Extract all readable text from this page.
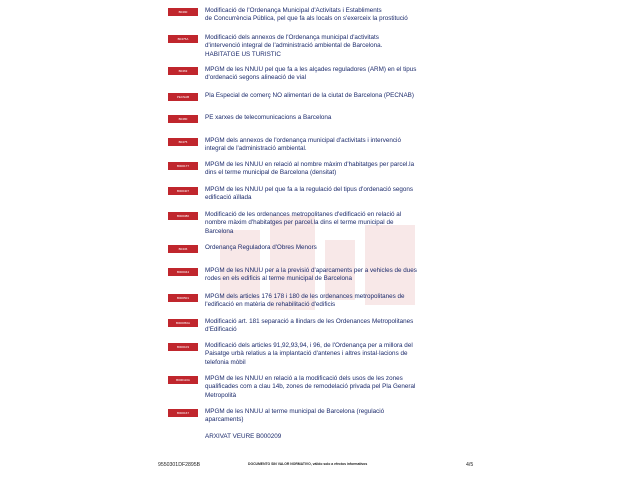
B0490	Modificació de l'Ordenança Municipal d'Activitats i Establiments
de Concurrència Pública, pel que fa als locals on s'exerceix la prostitució
B0475A	Modificació dels annexos de l'Ordenança municipal d'activitats
d'intervenció integral de l'administració ambiental de Barcelona.
HABITATGE US TURISTIC
B0463	MPGM de les NNUU pel que fa a les alçades reguladores (ARM) en el tipus
d'ordenació segons alineació de vial
PECNAB	Pla Especial de comerç NO alimentari de la ciutat de Barcelona (PECNAB)
B0480	PE xarxes de telecomunicacions a Barcelona
B0475	MPGM dels annexos de l'ordenança municipal d'activitats i intervenció
integral de l'administració ambiental.
B000177	MPGM de les NNUU en relació al nombre màxim d'habitatges per parcel.la
dins el terme municipal de Barcelona (densitat)
B000407	MPGM de les NNUU pel que fa a la regulació del tipus d'ordenació segons
edificació aïllada
B000380	Modificació de les ordenances metropolitanes d'edificació en relació al
nombre màxim d'habitatges per parcel.la dins el terme municipal de
Barcelona
B0436	Ordenança Reguladora d'Obres Menors
B000044	MPGM de les NNUU per a la previsió d'aparcaments per a vehicles de dues
rodes en els edificis al terme municipal de Barcelona
B000501	MPGM dels articles 176 178 i 180 de les ordenances metropolitanes de
l'edificació en matèria de rehabilitació d'edificis
B000050A	Modificació art. 181 separació a llindars de les Ordenances Metropolitanes
d'Edificació
B000103	Modificació dels articles 91,92,93,94, i 96, de l'Ordenança per a millora del
Paisatge urbà relatius a la implantació d'antenes i altres instal·lacions de
telefonia mòbil
B000110A	MPGM de les NNUU en relació a la modificació dels usos de les zones
qualificades com a clau 14b, zones de remodelació privada pel Pla General
Metropolità
B000167	MPGM de les NNUU al terme municipal de Barcelona (regulació
aparcaments)
ARXIVAT VEURE B000209
9550301DF2895B	DOCUMENTO SIN VALOR NORMATIVO, válido solo a efectos informativos	4/5
